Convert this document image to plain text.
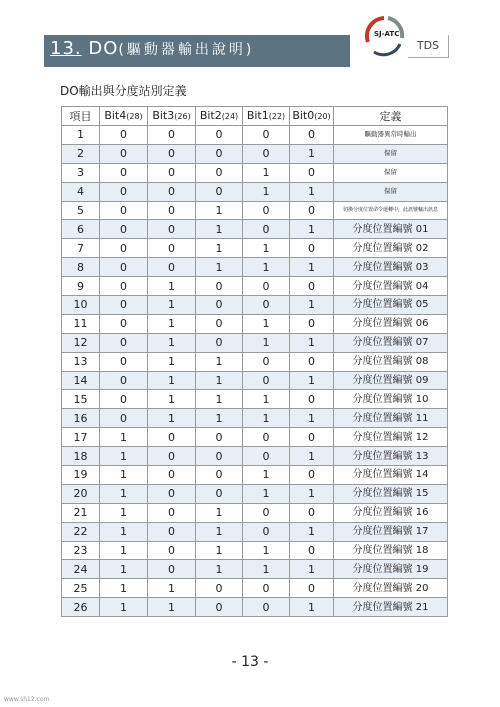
13. DO(驅動器輸出說明)
SJ-ATC
TDS
DO輸出與分度站別定義
項目	Bit4(28)	Bit3(26)	Bit2(24)	Bit1(22)	Bit0(20)	定義
1	0	0	0	0	0	驅動器異常時輸出
2	0	0	0	0	1	保留
3	0	0	0	1	0	保留
4	0	0	0	1	1	保留
5	0	0	1	0	0	切換分度位置命令運轉中，此訊號輸出訊息
6	0	0	1	0	1	分度位置編號 01
7	0	0	1	1	0	分度位置編號 02
8	0	0	1	1	1	分度位置編號 03
9	0	1	0	0	0	分度位置編號 04
10	0	1	0	0	1	分度位置編號 05
11	0	1	0	1	0	分度位置編號 06
12	0	1	0	1	1	分度位置編號 07
13	0	1	1	0	0	分度位置編號 08
14	0	1	1	0	1	分度位置編號 09
15	0	1	1	1	0	分度位置編號 10
16	0	1	1	1	1	分度位置編號 11
17	1	0	0	0	0	分度位置編號 12
18	1	0	0	0	1	分度位置編號 13
19	1	0	0	1	0	分度位置編號 14
20	1	0	0	1	1	分度位置編號 15
21	1	0	1	0	0	分度位置編號 16
22	1	0	1	0	1	分度位置編號 17
23	1	0	1	1	0	分度位置編號 18
24	1	0	1	1	1	分度位置編號 19
25	1	1	0	0	0	分度位置編號 20
26	1	1	0	0	1	分度位置編號 21
- 13 -
www.sh12.com
